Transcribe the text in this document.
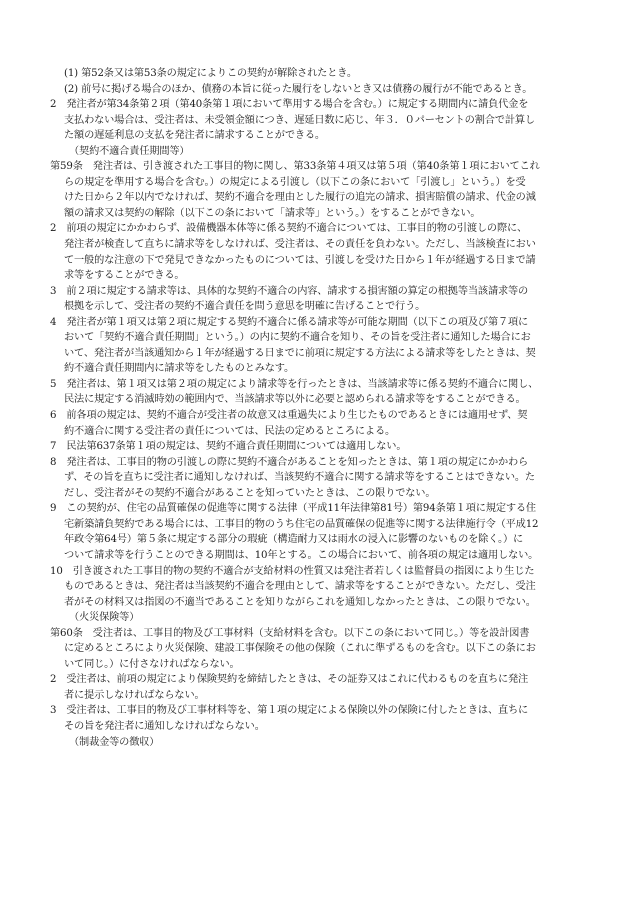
(1) 第52条又は第53条の規定によりこの契約が解除されたとき。
(2) 前号に掲げる場合のほか、債務の本旨に従った履行をしないとき又は債務の履行が不能であるとき。
2　発注者が第34条第２項（第40条第１項において準用する場合を含む。）に規定する期間内に請負代金を
支払わない場合は、受注者は、未受領金額につき、遅延日数に応じ、年３．０パーセントの割合で計算し
た額の遅延利息の支払を発注者に請求することができる。
（契約不適合責任期間等）
第59条　発注者は、引き渡された工事目的物に関し、第33条第４項又は第５項（第40条第１項においてこれ
らの規定を準用する場合を含む。）の規定による引渡し（以下この条において「引渡し」という。）を受
けた日から２年以内でなければ、契約不適合を理由とした履行の追完の請求、損害賠償の請求、代金の減
額の請求又は契約の解除（以下この条において「請求等」という。）をすることができない。
2　前項の規定にかかわらず、設備機器本体等に係る契約不適合については、工事目的物の引渡しの際に、
発注者が検査して直ちに請求等をしなければ、受注者は、その責任を負わない。ただし、当該検査におい
て一般的な注意の下で発見できなかったものについては、引渡しを受けた日から１年が経過する日まで請
求等をすることができる。
3　前２項に規定する請求等は、具体的な契約不適合の内容、請求する損害額の算定の根拠等当該請求等の
根拠を示して、受注者の契約不適合責任を問う意思を明確に告げることで行う。
4　発注者が第１項又は第２項に規定する契約不適合に係る請求等が可能な期間（以下この項及び第７項に
おいて「契約不適合責任期間」という。）の内に契約不適合を知り、その旨を受注者に通知した場合にお
いて、発注者が当該通知から１年が経過する日までに前項に規定する方法による請求等をしたときは、契
約不適合責任期間内に請求等をしたものとみなす。
5　発注者は、第１項又は第２項の規定により請求等を行ったときは、当該請求等に係る契約不適合に関し、
民法に規定する消滅時効の範囲内で、当該請求等以外に必要と認められる請求等をすることができる。
6　前各項の規定は、契約不適合が受注者の故意又は重過失により生じたものであるときには適用せず、契
約不適合に関する受注者の責任については、民法の定めるところによる。
7　民法第637条第１項の規定は、契約不適合責任期間については適用しない。
8　発注者は、工事目的物の引渡しの際に契約不適合があることを知ったときは、第１項の規定にかかわら
ず、その旨を直ちに受注者に通知しなければ、当該契約不適合に関する請求等をすることはできない。た
だし、受注者がその契約不適合があることを知っていたときは、この限りでない。
9　この契約が、住宅の品質確保の促進等に関する法律（平成11年法律第81号）第94条第１項に規定する住
宅新築請負契約である場合には、工事目的物のうち住宅の品質確保の促進等に関する法律施行令（平成12
年政令第64号）第５条に規定する部分の瑕疵（構造耐力又は雨水の浸入に影響のないものを除く。）に
ついて請求等を行うことのできる期間は、10年とする。この場合において、前各項の規定は適用しない。
10　引き渡された工事目的物の契約不適合が支給材料の性質又は発注者若しくは監督員の指図により生じた
ものであるときは、発注者は当該契約不適合を理由として、請求等をすることができない。ただし、受注
者がその材料又は指図の不適当であることを知りながらこれを通知しなかったときは、この限りでない。
（火災保険等）
第60条　受注者は、工事目的物及び工事材料（支給材料を含む。以下この条において同じ。）等を設計図書
に定めるところにより火災保険、建設工事保険その他の保険（これに準ずるものを含む。以下この条にお
いて同じ。）に付さなければならない。
2　受注者は、前項の規定により保険契約を締結したときは、その証券又はこれに代わるものを直ちに発注
者に提示しなければならない。
3　受注者は、工事目的物及び工事材料等を、第１項の規定による保険以外の保険に付したときは、直ちに
その旨を発注者に通知しなければならない。
（制裁金等の徴収）
